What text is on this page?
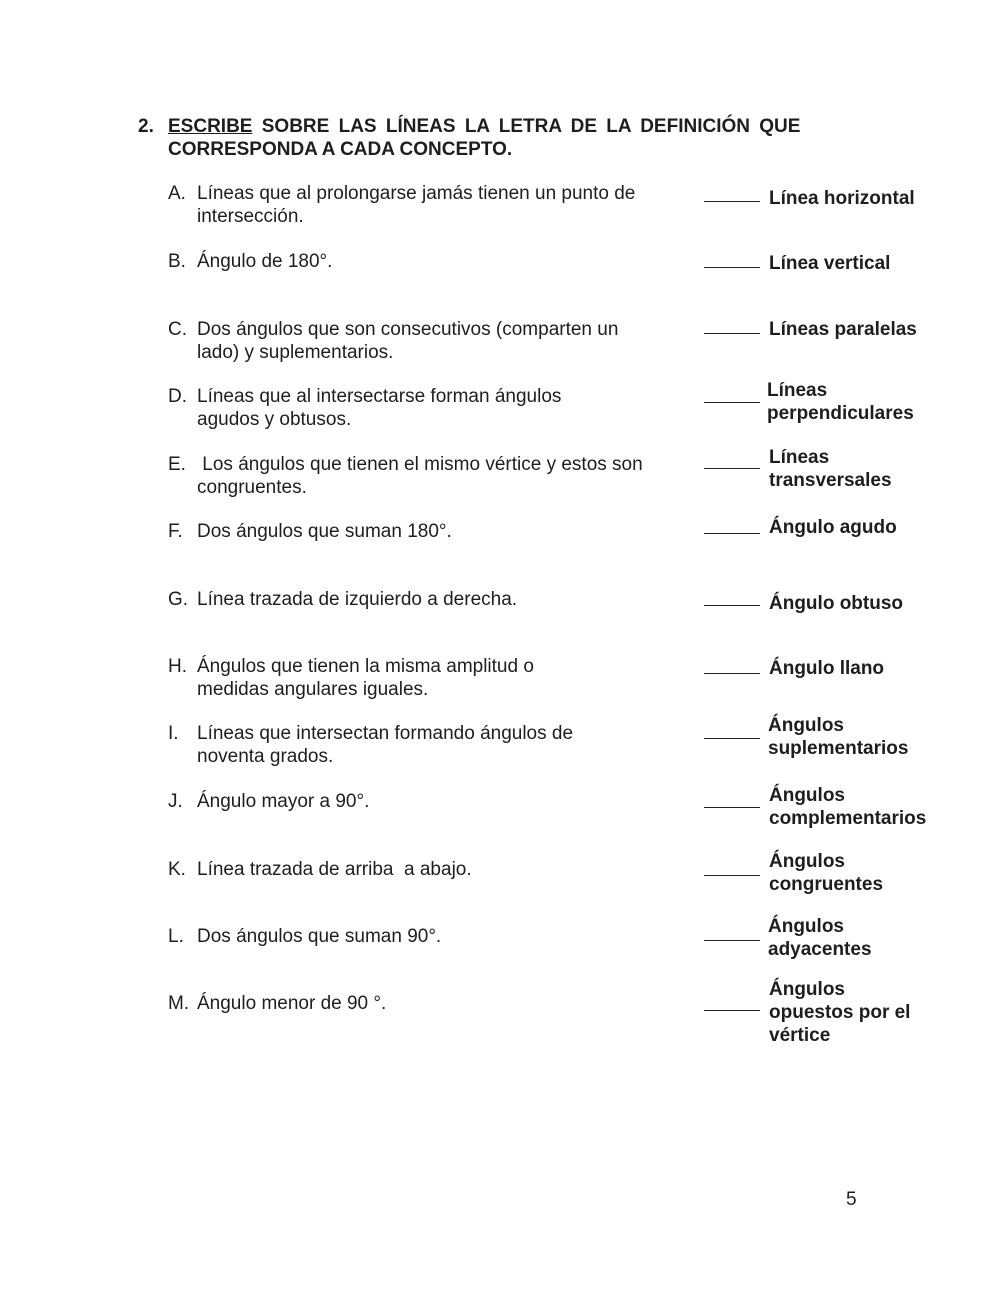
2. ESCRIBE SOBRE LAS LÍNEAS LA LETRA DE LA DEFINICIÓN QUE
CORRESPONDA A CADA CONCEPTO.
A. Líneas que al prolongarse jamás tienen un punto de intersección.
B. Ángulo de 180°.
C. Dos ángulos que son consecutivos (comparten un lado) y suplementarios.
D. Líneas que al intersectarse forman ángulos agudos y obtusos.
E. Los ángulos que tienen el mismo vértice y estos son congruentes.
F. Dos ángulos que suman 180°.
G. Línea trazada de izquierdo a derecha.
H. Ángulos que tienen la misma amplitud o medidas angulares iguales.
I. Líneas que intersectan formando ángulos de noventa grados.
J. Ángulo mayor a 90°.
K. Línea trazada de arriba  a abajo.
L. Dos ángulos que suman 90°.
M. Ángulo menor de 90 °.
Línea horizontal
Línea vertical
Líneas paralelas
Líneas
perpendiculares
Líneas
transversales
Ángulo agudo
Ángulo obtuso
Ángulo llano
Ángulos
suplementarios
Ángulos
complementarios
Ángulos
congruentes
Ángulos
adyacentes
Ángulos
opuestos por el
vértice
5
